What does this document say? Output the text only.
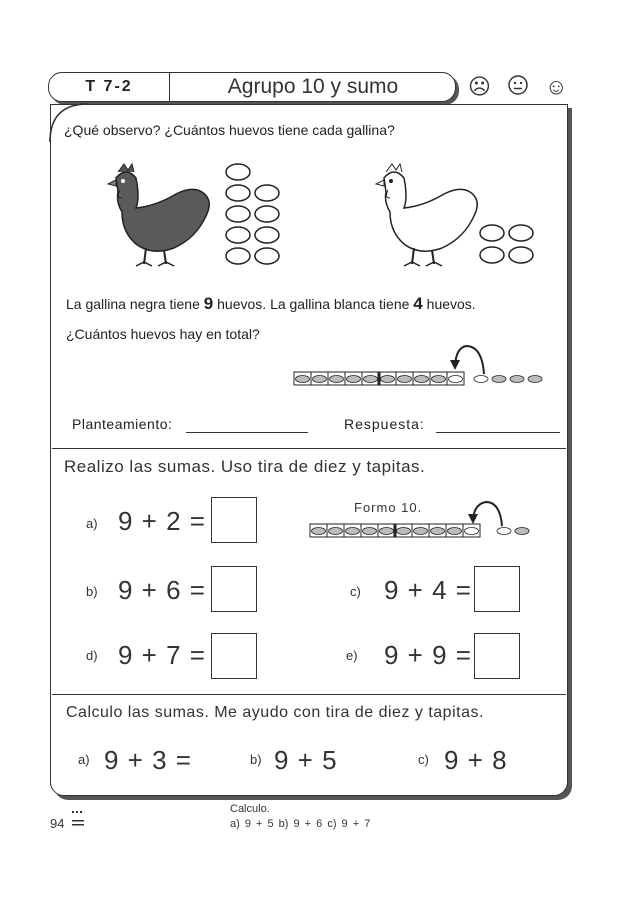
T 7-2	Agrupo 10 y sumo	☹ ☺
¿Qué observo? ¿Cuántos huevos tiene cada gallina?
La gallina negra tiene 9 huevos. La gallina blanca tiene 4 huevos.
¿Cuántos huevos hay en total?
Planteamiento:	Respuesta:
Realizo las sumas. Uso tira de diez y tapitas.
a) 9 + 2 =	Formo 10.
b) 9 + 6 =	c) 9 + 4 =
d) 9 + 7 =	e) 9 + 9 =
Calculo las sumas. Me ayudo con tira de diez y tapitas.
a) 9 + 3 =	b) 9 + 5	c) 9 + 8
94
Calculo.
a) 9 + 5 b) 9 + 6 c) 9 + 7
